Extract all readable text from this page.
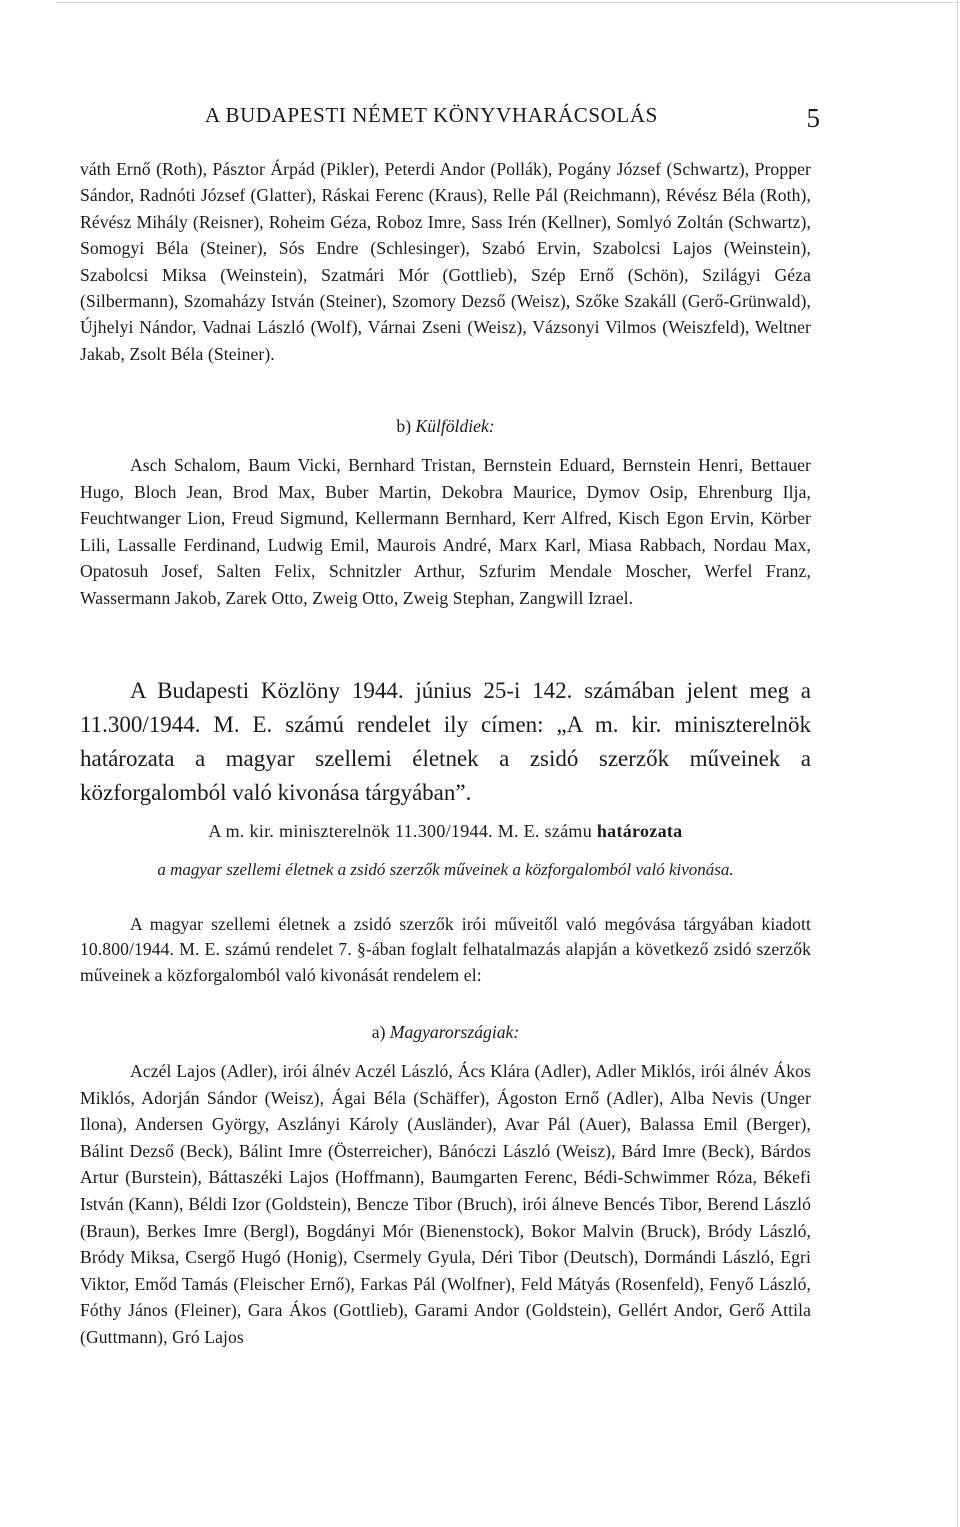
A BUDAPESTI NÉMET KÖNYVHARÁCSOLÁS	5

váth Ernő (Roth), Pásztor Árpád (Pikler), Peterdi Andor (Pollák), Pogány József (Schwartz), Propper Sándor, Radnóti József (Glatter), Ráskai Ferenc (Kraus), Relle Pál (Reichmann), Révész Béla (Roth), Révész Mihály (Reisner), Roheim Géza, Roboz Imre, Sass Irén (Kellner), Somlyó Zoltán (Schwartz), Somogyi Béla (Steiner), Sós Endre (Schlesinger), Szabó Ervin, Szabolcsi Lajos (Weinstein), Szabolcsi Miksa (Weinstein), Szatmári Mór (Gottlieb), Szép Ernő (Schön), Szilágyi Géza (Silbermann), Szomaházy István (Steiner), Szomory Dezső (Weisz), Szőke Szakáll (Gerő-Grünwald), Újhelyi Nándor, Vadnai László (Wolf), Várnai Zseni (Weisz), Vázsonyi Vilmos (Weiszfeld), Weltner Jakab, Zsolt Béla (Steiner).

b) Külföldiek:

Asch Schalom, Baum Vicki, Bernhard Tristan, Bernstein Eduard, Bernstein Henri, Bettauer Hugo, Bloch Jean, Brod Max, Buber Martin, Dekobra Maurice, Dymov Osip, Ehrenburg Ilja, Feuchtwanger Lion, Freud Sigmund, Kellermann Bernhard, Kerr Alfred, Kisch Egon Ervin, Körber Lili, Lassalle Ferdinand, Ludwig Emil, Maurois André, Marx Karl, Miasa Rabbach, Nordau Max, Opatosuh Josef, Salten Felix, Schnitzler Arthur, Szfurim Mendale Moscher, Werfel Franz, Wassermann Jakob, Zarek Otto, Zweig Otto, Zweig Stephan, Zangwill Izrael.

A Budapesti Közlöny 1944. június 25-i 142. számában jelent meg a 11.300/1944. M. E. számú rendelet ily címen: „A m. kir. miniszterelnök határozata a magyar szellemi életnek a zsidó szerzők műveinek a közforgalomból való kivonása tárgyában”.

A m. kir. miniszterelnök 11.300/1944. M. E. számu határozata
a magyar szellemi életnek a zsidó szerzők műveinek a közforgalomból való kivonása.

A magyar szellemi életnek a zsidó szerzők irói műveitől való megóvása tárgyában kiadott 10.800/1944. M. E. számú rendelet 7. §-ában foglalt felhatalmazás alapján a következő zsidó szerzők műveinek a közforgalomból való kivonását rendelem el:

a) Magyarországiak:

Aczél Lajos (Adler), irói álnév Aczél László, Ács Klára (Adler), Adler Miklós, irói álnév Ákos Miklós, Adorján Sándor (Weisz), Ágai Béla (Schäffer), Ágoston Ernő (Adler), Alba Nevis (Unger Ilona), Andersen György, Aszlányi Károly (Ausländer), Avar Pál (Auer), Balassa Emil (Berger), Bálint Dezső (Beck), Bálint Imre (Österreicher), Bánóczi László (Weisz), Bárd Imre (Beck), Bárdos Artur (Burstein), Báttaszéki Lajos (Hoffmann), Baumgarten Ferenc, Bédi-Schwimmer Róza, Békefi István (Kann), Béldi Izor (Goldstein), Bencze Tibor (Bruch), irói álneve Bencés Tibor, Berend László (Braun), Berkes Imre (Bergl), Bogdányi Mór (Bienenstock), Bokor Malvin (Bruck), Bródy László, Bródy Miksa, Csergő Hugó (Honig), Csermely Gyula, Déri Tibor (Deutsch), Dormándi László, Egri Viktor, Emőd Tamás (Fleischer Ernő), Farkas Pál (Wolfner), Feld Mátyás (Rosenfeld), Fenyő László, Fóthy János (Fleiner), Gara Ákos (Gottlieb), Garami Andor (Goldstein), Gellért Andor, Gerő Attila (Guttmann), Gró Lajos
